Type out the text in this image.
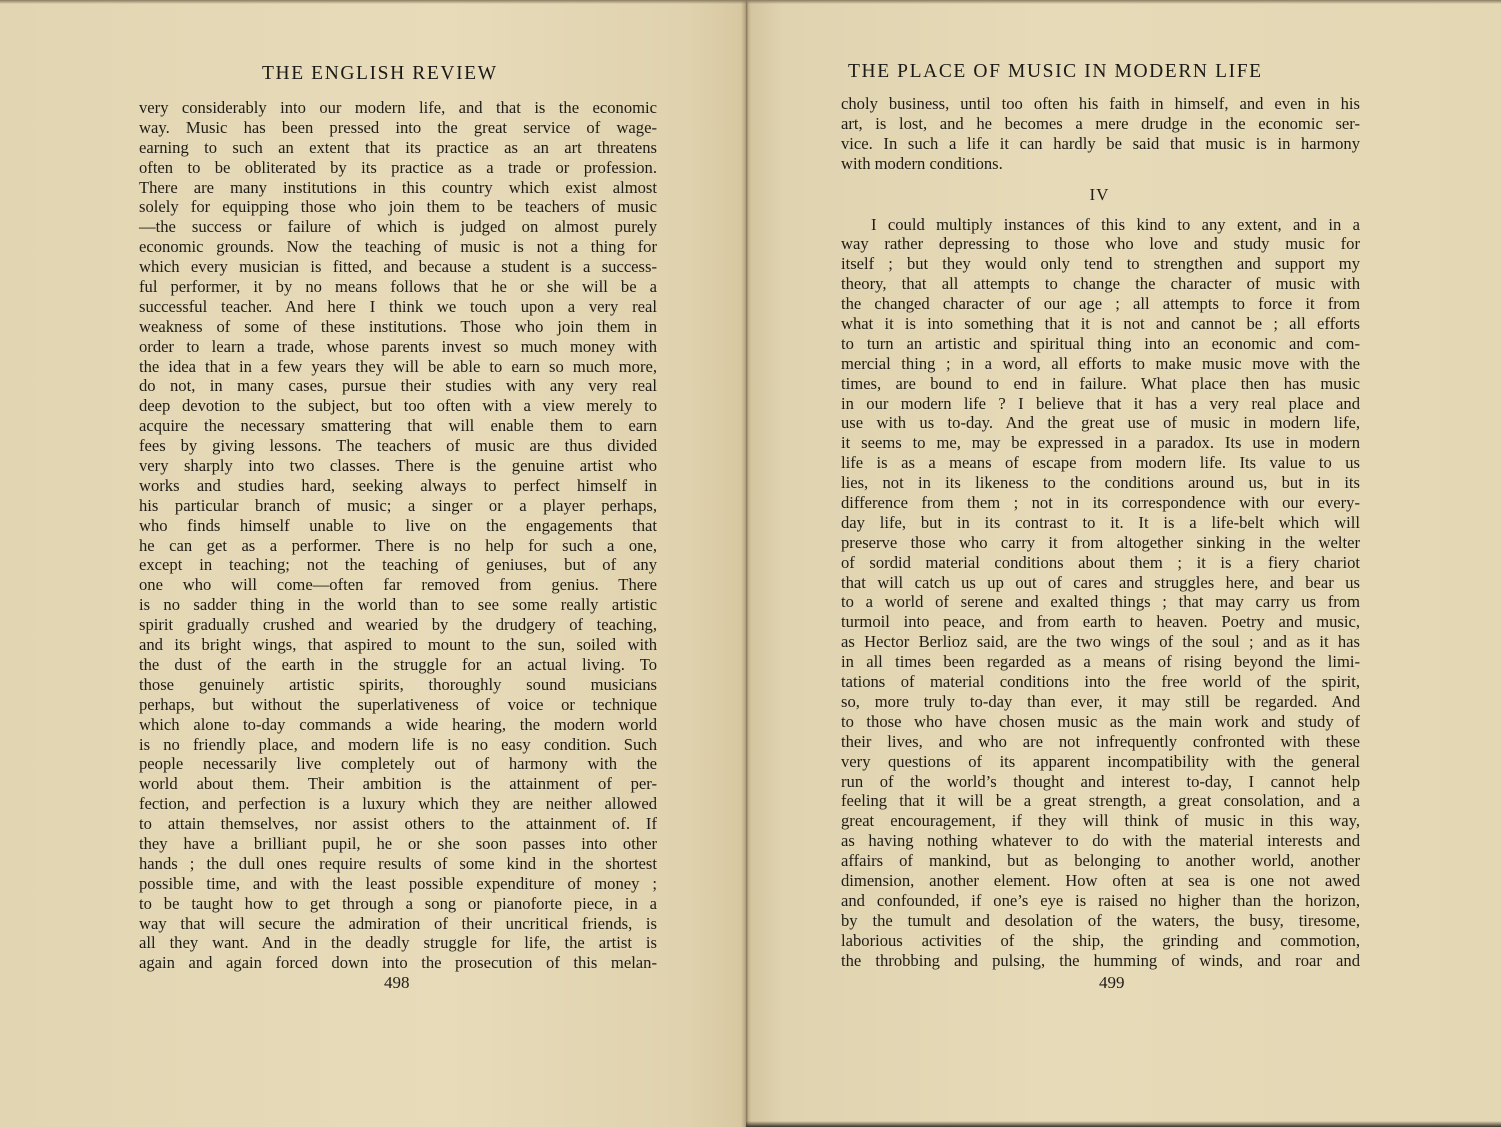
THE ENGLISH REVIEW	THE PLACE OF MUSIC IN MODERN LIFE
very considerably into our modern life, and that is the economic
way. Music has been pressed into the great service of wage-
earning to such an extent that its practice as an art threatens
often to be obliterated by its practice as a trade or profession.
There are many institutions in this country which exist almost
solely for equipping those who join them to be teachers of music
—the success or failure of which is judged on almost purely
economic grounds. Now the teaching of music is not a thing for
which every musician is fitted, and because a student is a success-
ful performer, it by no means follows that he or she will be a
successful teacher. And here I think we touch upon a very real
weakness of some of these institutions. Those who join them in
order to learn a trade, whose parents invest so much money with
the idea that in a few years they will be able to earn so much more,
do not, in many cases, pursue their studies with any very real
deep devotion to the subject, but too often with a view merely to
acquire the necessary smattering that will enable them to earn
fees by giving lessons. The teachers of music are thus divided
very sharply into two classes. There is the genuine artist who
works and studies hard, seeking always to perfect himself in
his particular branch of music; a singer or a player perhaps,
who finds himself unable to live on the engagements that
he can get as a performer. There is no help for such a one,
except in teaching; not the teaching of geniuses, but of any
one who will come—often far removed from genius. There
is no sadder thing in the world than to see some really artistic
spirit gradually crushed and wearied by the drudgery of teaching,
and its bright wings, that aspired to mount to the sun, soiled with
the dust of the earth in the struggle for an actual living. To
those genuinely artistic spirits, thoroughly sound musicians
perhaps, but without the superlativeness of voice or technique
which alone to-day commands a wide hearing, the modern world
is no friendly place, and modern life is no easy condition. Such
people necessarily live completely out of harmony with the
world about them. Their ambition is the attainment of per-
fection, and perfection is a luxury which they are neither allowed
to attain themselves, nor assist others to the attainment of. If
they have a brilliant pupil, he or she soon passes into other
hands ; the dull ones require results of some kind in the shortest
possible time, and with the least possible expenditure of money ;
to be taught how to get through a song or pianoforte piece, in a
way that will secure the admiration of their uncritical friends, is
all they want. And in the deadly struggle for life, the artist is
again and again forced down into the prosecution of this melan-
choly business, until too often his faith in himself, and even in his
art, is lost, and he becomes a mere drudge in the economic ser-
vice. In such a life it can hardly be said that music is in harmony
with modern conditions.
IV
I could multiply instances of this kind to any extent, and in a
way rather depressing to those who love and study music for
itself ; but they would only tend to strengthen and support my
theory, that all attempts to change the character of music with
the changed character of our age ; all attempts to force it from
what it is into something that it is not and cannot be ; all efforts
to turn an artistic and spiritual thing into an economic and com-
mercial thing ; in a word, all efforts to make music move with the
times, are bound to end in failure. What place then has music
in our modern life ? I believe that it has a very real place and
use with us to-day. And the great use of music in modern life,
it seems to me, may be expressed in a paradox. Its use in modern
life is as a means of escape from modern life. Its value to us
lies, not in its likeness to the conditions around us, but in its
difference from them ; not in its correspondence with our every-
day life, but in its contrast to it. It is a life-belt which will
preserve those who carry it from altogether sinking in the welter
of sordid material conditions about them ; it is a fiery chariot
that will catch us up out of cares and struggles here, and bear us
to a world of serene and exalted things ; that may carry us from
turmoil into peace, and from earth to heaven. Poetry and music,
as Hector Berlioz said, are the two wings of the soul ; and as it has
in all times been regarded as a means of rising beyond the limi-
tations of material conditions into the free world of the spirit,
so, more truly to-day than ever, it may still be regarded. And
to those who have chosen music as the main work and study of
their lives, and who are not infrequently confronted with these
very questions of its apparent incompatibility with the general
run of the world’s thought and interest to-day, I cannot help
feeling that it will be a great strength, a great consolation, and a
great encouragement, if they will think of music in this way,
as having nothing whatever to do with the material interests and
affairs of mankind, but as belonging to another world, another
dimension, another element. How often at sea is one not awed
and confounded, if one’s eye is raised no higher than the horizon,
by the tumult and desolation of the waters, the busy, tiresome,
laborious activities of the ship, the grinding and commotion,
the throbbing and pulsing, the humming of winds, and roar and
498	499
